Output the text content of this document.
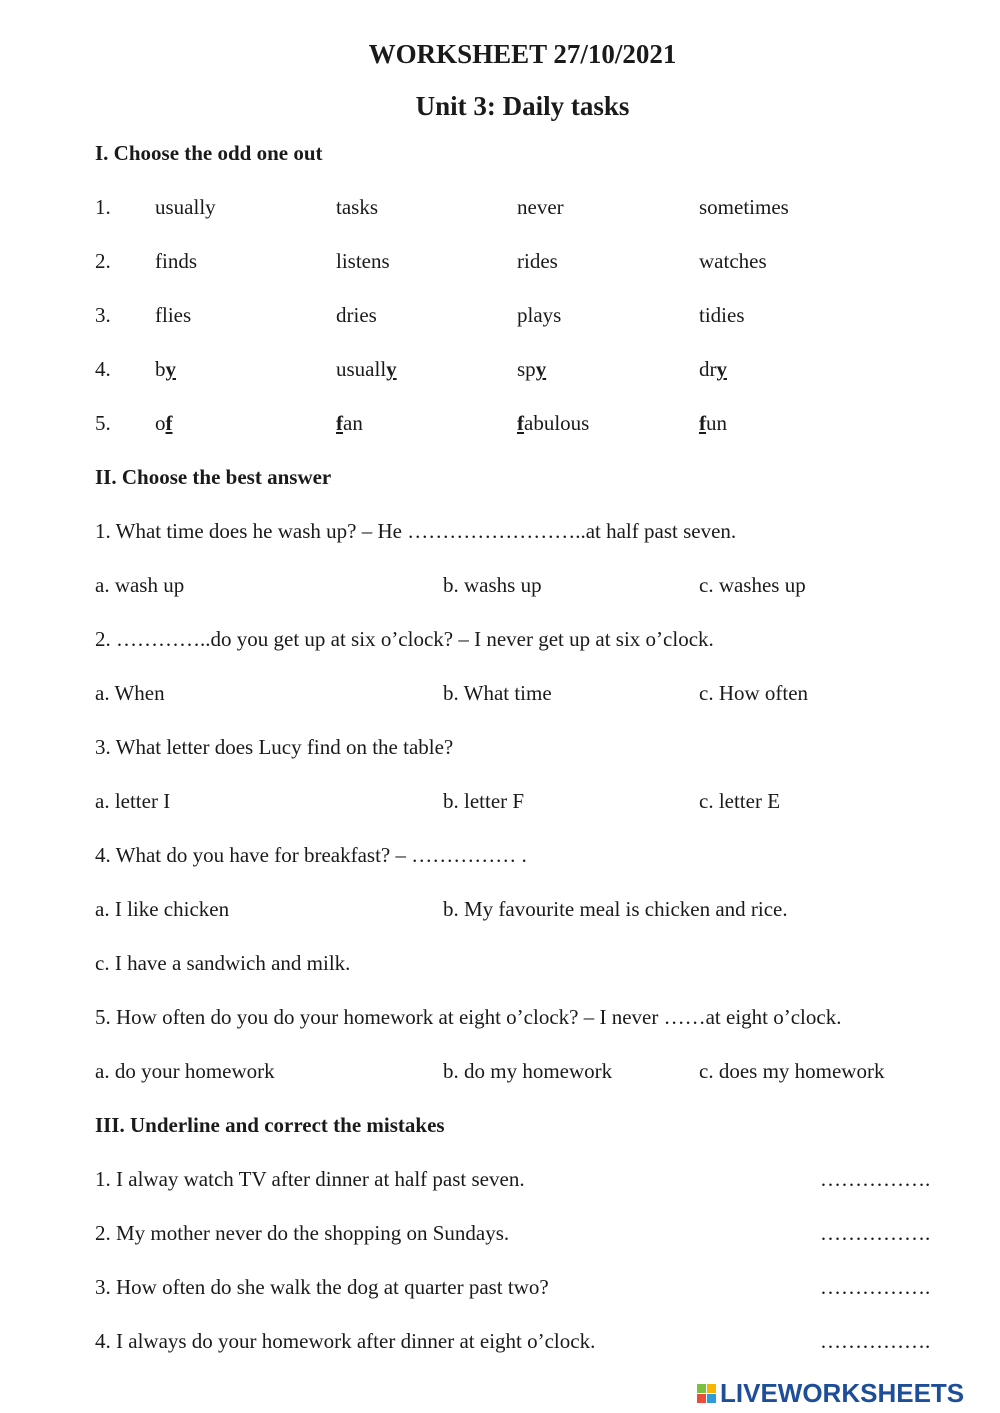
WORKSHEET 27/10/2021
Unit 3: Daily tasks
I. Choose the odd one out
1. usually	tasks	never	sometimes
2. finds	listens	rides	watches
3. flies	dries	plays	tidies
4. by	usually	spy	dry
5. of	fan	fabulous	fun
II. Choose the best answer
1. What time does he wash up? – He ……………………..at half past seven.
a. wash up	b. washs up	c. washes up
2. …………..do you get up at six o’clock? – I never get up at six o’clock.
a. When	b. What time	c. How often
3. What letter does Lucy find on the table?
a. letter I	b. letter F	c. letter E
4. What do you have for breakfast? – …………… .
a. I like chicken	b. My favourite meal is chicken and rice.
c. I have a sandwich and milk.
5. How often do you do your homework at eight o’clock? – I never ……at eight o’clock.
a. do your homework	b. do my homework	c. does my homework
III. Underline and correct the mistakes
1. I alway watch TV after dinner at half past seven.	…………….
2. My mother never do the shopping on Sundays.	…………….
3. How often do she walk the dog at quarter past two?	…………….
4. I always do your homework after dinner at eight o’clock.	…………….
LIVEWORKSHEETS
